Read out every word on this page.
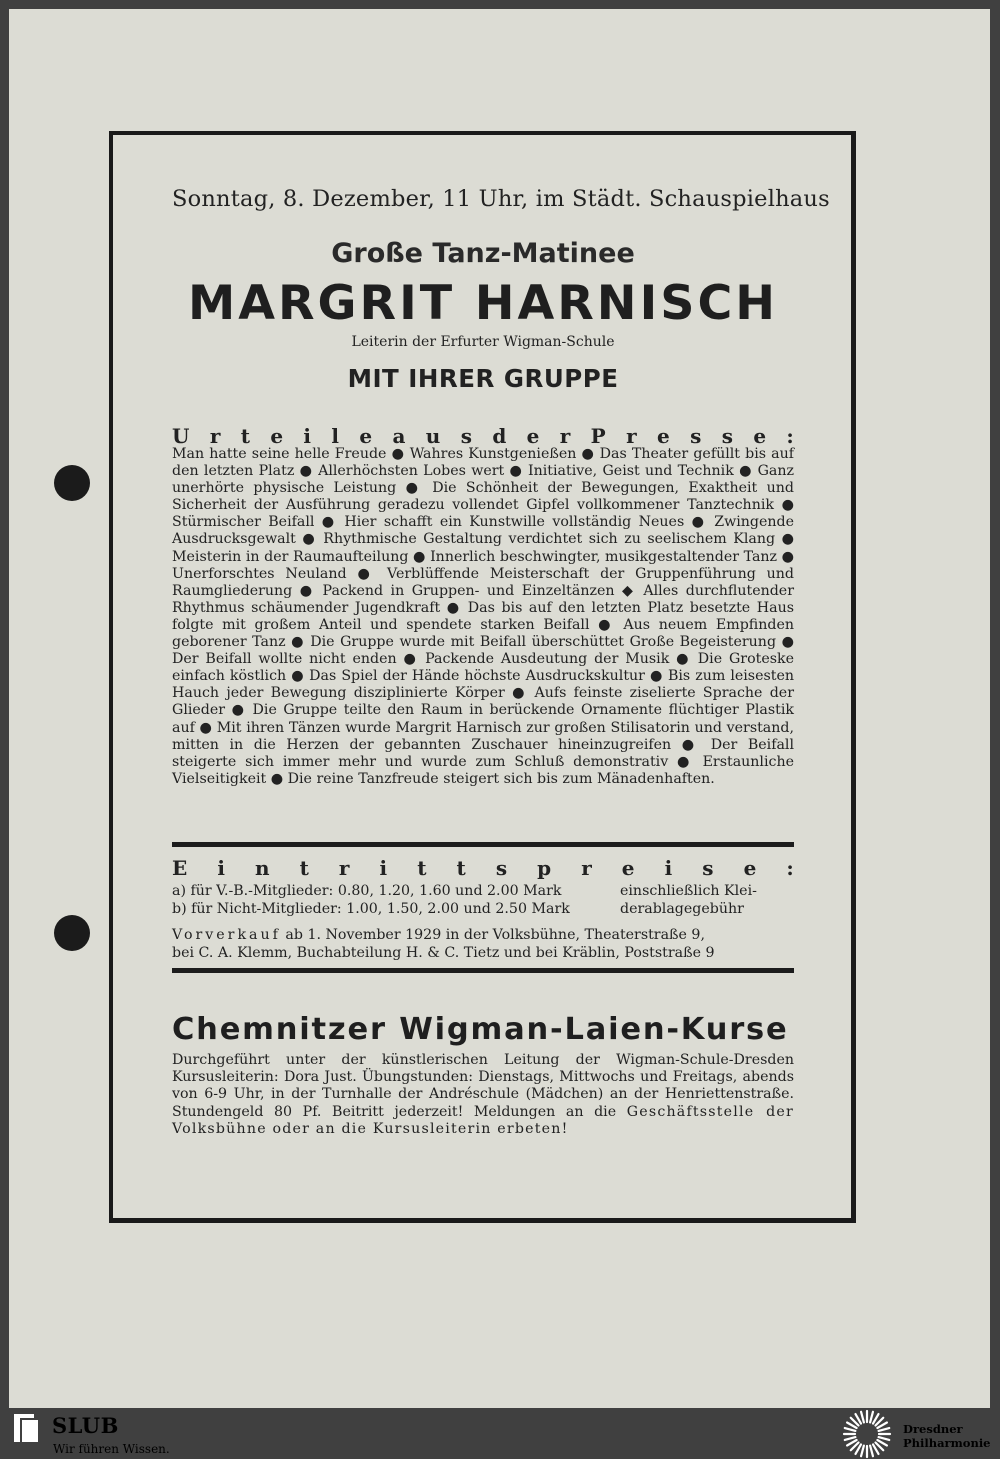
Sonntag, 8. Dezember, 11 Uhr, im Städt. Schauspielhaus
Große Tanz-Matinee
MARGRIT HARNISCH
Leiterin der Erfurter Wigman-Schule
MIT IHRER GRUPPE
U r t e i l e a u s d e r P r e s s e :
Man hatte seine helle Freude ● Wahres Kunstgenießen ● Das Theater gefüllt bis auf den letzten Platz ● Allerhöchsten Lobes wert ● Initiative, Geist und Technik ● Ganz unerhörte physische Leistung ● Die Schönheit der Bewegungen, Exaktheit und Sicherheit der Ausführung geradezu vollendet Gipfel vollkommener Tanztechnik ● Stürmischer Beifall ● Hier schafft ein Kunstwille vollständig Neues ● Zwingende Ausdrucksgewalt ● Rhythmische Gestaltung verdichtet sich zu seelischem Klang ● Meisterin in der Raumaufteilung ● Innerlich beschwingter, musikgestaltender Tanz ● Unerforschtes Neuland ● Verblüffende Meisterschaft der Gruppenführung und Raumgliederung ● Packend in Gruppen- und Einzeltänzen ◆ Alles durchflutender Rhythmus schäumender Jugendkraft ● Das bis auf den letzten Platz besetzte Haus folgte mit großem Anteil und spendete starken Beifall ● Aus neuem Empfinden geborener Tanz ● Die Gruppe wurde mit Beifall überschüttet Große Begeisterung ● Der Beifall wollte nicht enden ● Packende Ausdeutung der Musik ● Die Groteske einfach köstlich ● Das Spiel der Hände höchste Ausdruckskultur ● Bis zum leisesten Hauch jeder Bewegung disziplinierte Körper ● Aufs feinste ziselierte Sprache der Glieder ● Die Gruppe teilte den Raum in berückende Ornamente flüchtiger Plastik auf ● Mit ihren Tänzen wurde Margrit Harnisch zur großen Stilisatorin und verstand, mitten in die Herzen der gebannten Zuschauer hineinzugreifen ● Der Beifall steigerte sich immer mehr und wurde zum Schluß demonstrativ ● Erstaunliche Vielseitigkeit ● Die reine Tanzfreude steigert sich bis zum Mänadenhaften.
E i n t r i t t s p r e i s e :
a) für V.-B.-Mitglieder: 0.80, 1.20, 1.60 und 2.00 Mark	einschließlich Klei-
b) für Nicht-Mitglieder: 1.00, 1.50, 2.00 und 2.50 Mark	derablagegebühr
Vorverkauf ab 1. November 1929 in der Volksbühne, Theaterstraße 9,
bei C. A. Klemm, Buchabteilung H. & C. Tietz und bei Kräblin, Poststraße 9
Chemnitzer Wigman-Laien-Kurse
Durchgeführt unter der künstlerischen Leitung der Wigman-Schule-Dresden Kursusleiterin: Dora Just. Übungstunden: Dienstags, Mittwochs und Freitags, abends von 6-9 Uhr, in der Turnhalle der Andréschule (Mädchen) an der Henriettenstraße. Stundengeld 80 Pf. Beitritt jederzeit! Meldungen an die Geschäftsstelle der Volksbühne oder an die Kursusleiterin erbeten!
SLUB
Wir führen Wissen.
Dresdner
Philharmonie
